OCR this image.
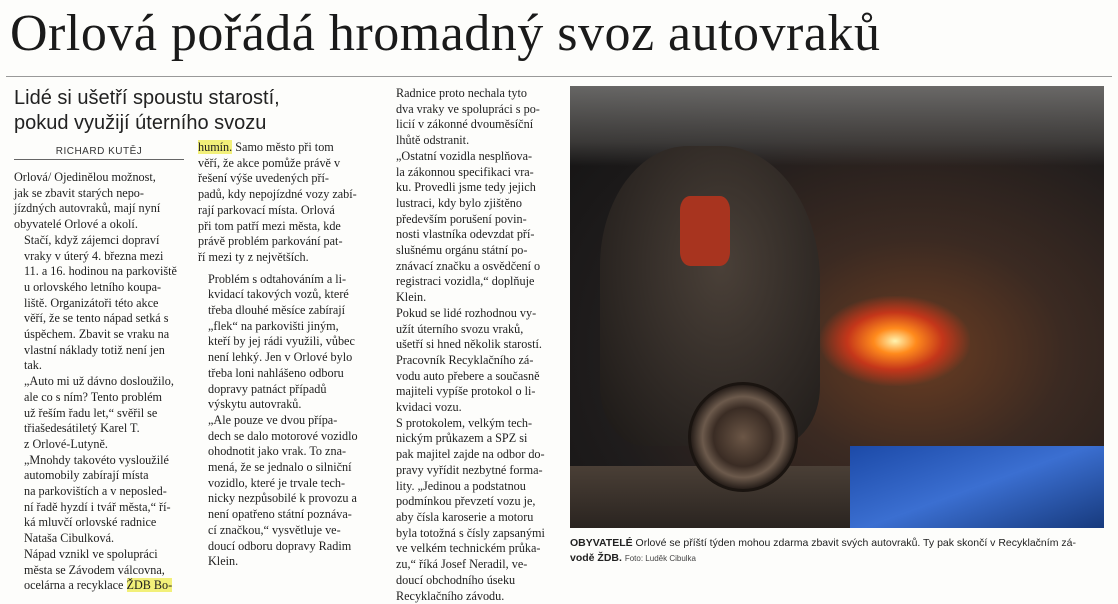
Orlová pořádá hromadný svoz autovraků
Lidé si ušetří spoustu starostí,
pokud využijí úterního svozu
RICHARD KUTĚJ

Orlová/ Ojedinělou možnost,
jak se zbavit starých nepo-
jízdných autovraků, mají nyní
obyvatelé Orlové a okolí.

Stačí, když zájemci dopraví
vraky v úterý 4. března mezi
11. a 16. hodinou na parkoviště
u orlovského letního koupa-
liště. Organizátoři této akce
věří, že se tento nápad setká s
úspěchem. Zbavit se vraku na
vlastní náklady totiž není jen
tak.

„Auto mi už dávno dosloužilo,
ale co s ním? Tento problém
už řeším řadu let,“ svěřil se
třiašedesátiletý Karel T.
z Orlové-Lutyně.

„Mnohdy takovéto vysloužilé
automobily zabírají místa
na parkovištích a v neposled-
ní řadě hyzdí i tvář města,“ ří-
ká mluvčí orlovské radnice
Nataša Cibulková.

Nápad vznikl ve spolupráci
města se Závodem válcovna,
ocelárna a recyklace ŽDB Bo-

humín. Samo město při tom
věří, že akce pomůže právě v
řešení výše uvedených pří-
padů, kdy nepojízdné vozy zabí-
rají parkovací místa. Orlová
při tom patří mezi města, kde
právě problém parkování pat-
ří mezi ty z největších.

Problém s odtahováním a li-
kvidací takových vozů, které
třeba dlouhé měsíce zabírají
„flek“ na parkovišti jiným,
kteří by jej rádi využili, vůbec
není lehký. Jen v Orlové bylo
třeba loni nahlášeno odboru
dopravy patnáct případů
výskytu autovraků.

„Ale pouze ve dvou přípa-
dech se dalo motorové vozidlo
ohodnotit jako vrak. To zna-
mená, že se jednalo o silniční
vozidlo, které je trvale tech-
nicky nezpůsobilé k provozu a
není opatřeno státní poznáva-
cí značkou,“ vysvětluje ve-
doucí odboru dopravy Radim
Klein.

Radnice proto nechala tyto
dva vraky ve spolupráci s po-
licií v zákonné dvouměsíční
lhůtě odstranit.

„Ostatní vozidla nesplňova-
la zákonnou specifikaci vra-
ku. Provedli jsme tedy jejich
lustraci, kdy bylo zjištěno
především porušení povin-
nosti vlastníka odevzdat pří-
slušnému orgánu státní po-
znávací značku a osvědčení o
registraci vozidla,“ doplňuje
Klein.

Pokud se lidé rozhodnou vy-
užít úterního svozu vraků,
ušetří si hned několik starostí.
Pracovník Recyklačního zá-
vodu auto přebere a současně
majiteli vypíše protokol o li-
kvidaci vozu.

S protokolem, velkým tech-
nickým průkazem a SPZ si
pak majitel zajde na odbor do-
pravy vyřídit nezbytné forma-
lity. „Jedinou a podstatnou
podmínkou převzetí vozu je,
aby čísla karoserie a motoru
byla totožná s čísly zapsanými
ve velkém technickém průka-
zu,“ říká Josef Neradil, ve-
doucí obchodního úseku
Recyklačního závodu.

OBYVATELÉ Orlové se příští týden mohou zdarma zbavit svých autovraků. Ty pak skončí v Recyklačním zá-
vodě ŽDB. Foto: Luděk Cibulka
